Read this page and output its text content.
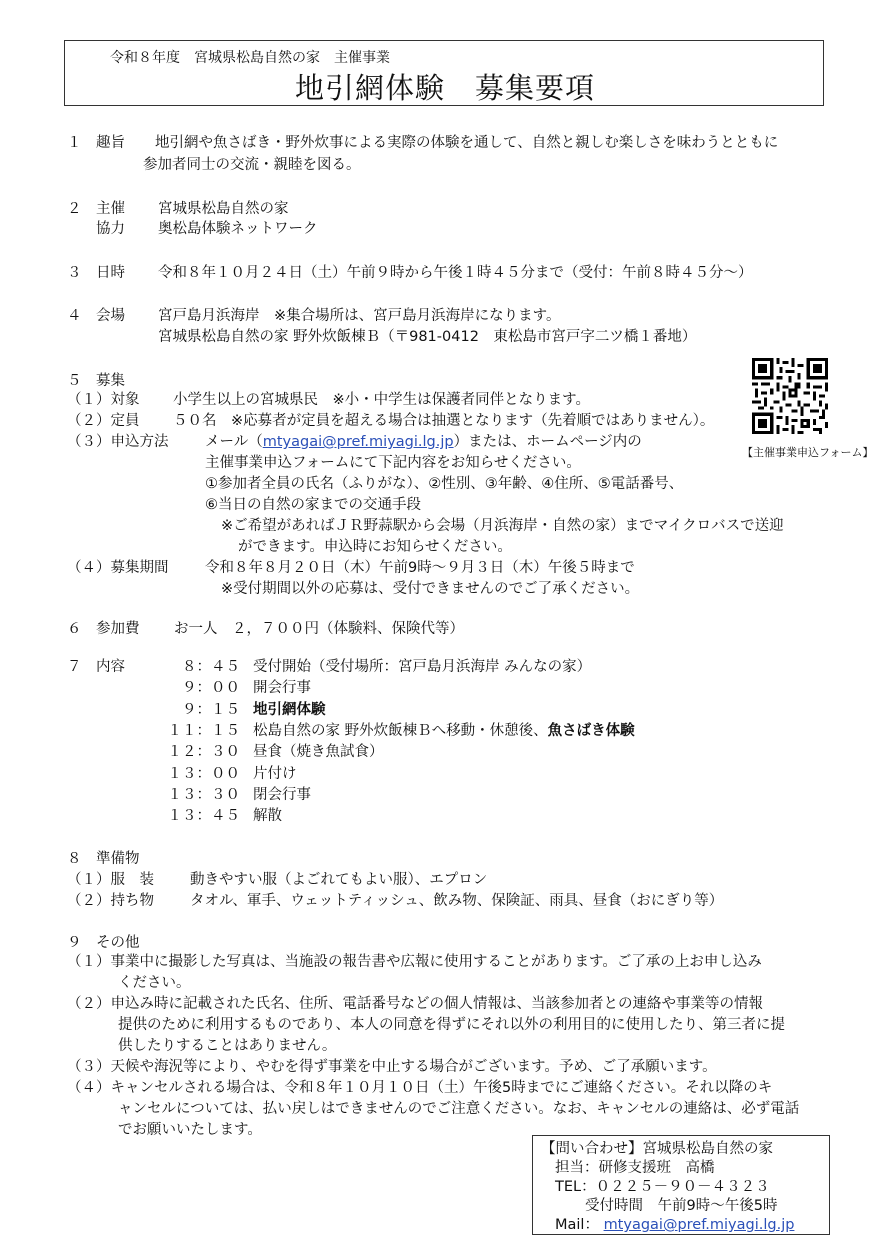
令和８年度　宮城県松島自然の家　主催事業
地引網体験　募集要項
１ 趣旨 地引網や魚さばき・野外炊事による実際の体験を通して、自然と親しむ楽しさを味わうとともに
参加者同士の交流・親睦を図る。
２ 主催 宮城県松島自然の家
協力 奥松島体験ネットワーク
３ 日時 令和８年１０月２４日（土）午前９時から午後１時４５分まで（受付：午前８時４５分～）
４ 会場 宮戸島月浜海岸　※集合場所は、宮戸島月浜海岸になります。
宮城県松島自然の家 野外炊飯棟Ｂ（〒981-0412　東松島市宮戸字二ツ橋１番地）
５　募集
（１）対象 小学生以上の宮城県民　※小・中学生は保護者同伴となります。
（２）定員 ５０名　※応募者が定員を超える場合は抽選となります（先着順ではありません）。
（３）申込方法	メール（mtyagai@pref.miyagi.lg.jp）または、ホームページ内の
主催事業申込フォームにて下記内容をお知らせください。
①参加者全員の氏名（ふりがな）、②性別、③年齢、④住所、⑤電話番号、
⑥当日の自然の家までの交通手段
※ご希望があればＪＲ野蒜駅から会場（月浜海岸・自然の家）までマイクロバスで送迎
ができます。申込時にお知らせください。
（４）募集期間	令和８年８月２０日（木）午前9時～９月３日（木）午後５時まで
※受付期間以外の応募は、受付できませんのでご了承ください。
【主催事業申込フォーム】
６ 参加費 お一人　２，７００円（体験料、保険代等）
７ 内容	８：４５ 受付開始（受付場所：宮戸島月浜海岸 みんなの家）
９：００ 開会行事
９：１５ 地引網体験
１１：１５ 松島自然の家 野外炊飯棟Ｂへ移動・休憩後、魚さばき体験
１２：３０ 昼食（焼き魚試食）
１３：００ 片付け
１３：３０ 閉会行事
１３：４５ 解散
８　準備物
（１）服　装 動きやすい服（よごれてもよい服）、エプロン
（２）持ち物 タオル、軍手、ウェットティッシュ、飲み物、保険証、雨具、昼食（おにぎり等）
９　その他
（１）事業中に撮影した写真は、当施設の報告書や広報に使用することがあります。ご了承の上お申し込み
ください。
（２）申込み時に記載された氏名、住所、電話番号などの個人情報は、当該参加者との連絡や事業等の情報
提供のために利用するものであり、本人の同意を得ずにそれ以外の利用目的に使用したり、第三者に提
供したりすることはありません。
（３）天候や海況等により、やむを得ず事業を中止する場合がございます。予め、ご了承願います。
（４）キャンセルされる場合は、令和８年１０月１０日（土）午後5時までにご連絡ください。それ以降のキ
ャンセルについては、払い戻しはできませんのでご注意ください。なお、キャンセルの連絡は、必ず電話
でお願いいたします。
【問い合わせ】宮城県松島自然の家
担当：研修支援班　高橋
TEL：０２２５－９０－４３２３
受付時間　午前9時～午後5時
Mail： mtyagai@pref.miyagi.lg.jp
